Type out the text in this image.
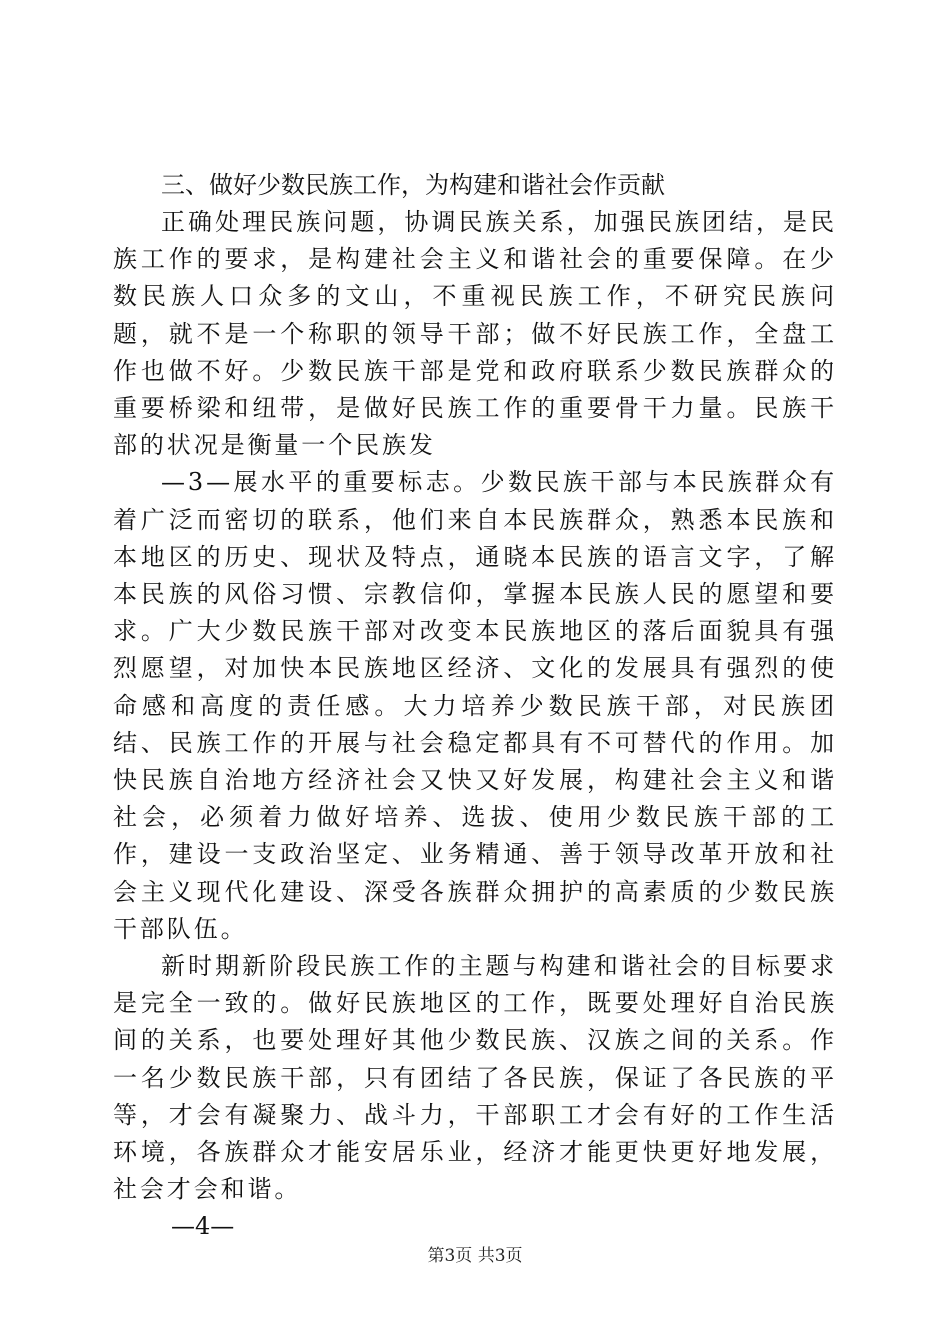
三、做好少数民族工作，为构建和谐社会作贡献

正确处理民族问题，协调民族关系，加强民族团结，是民族工作的要求，是构建社会主义和谐社会的重要保障。在少数民族人口众多的文山，不重视民族工作，不研究民族问题，就不是一个称职的领导干部；做不好民族工作，全盘工作也做不好。少数民族干部是党和政府联系少数民族群众的重要桥梁和纽带，是做好民族工作的重要骨干力量。民族干部的状况是衡量一个民族发

—3—展水平的重要标志。少数民族干部与本民族群众有着广泛而密切的联系，他们来自本民族群众，熟悉本民族和本地区的历史、现状及特点，通晓本民族的语言文字，了解本民族的风俗习惯、宗教信仰，掌握本民族人民的愿望和要求。广大少数民族干部对改变本民族地区的落后面貌具有强烈愿望，对加快本民族地区经济、文化的发展具有强烈的使命感和高度的责任感。大力培养少数民族干部，对民族团结、民族工作的开展与社会稳定都具有不可替代的作用。加快民族自治地方经济社会又快又好发展，构建社会主义和谐社会，必须着力做好培养、选拔、使用少数民族干部的工作，建设一支政治坚定、业务精通、善于领导改革开放和社会主义现代化建设、深受各族群众拥护的高素质的少数民族干部队伍。

新时期新阶段民族工作的主题与构建和谐社会的目标要求是完全一致的。做好民族地区的工作，既要处理好自治民族间的关系，也要处理好其他少数民族、汉族之间的关系。作一名少数民族干部，只有团结了各民族，保证了各民族的平等，才会有凝聚力、战斗力，干部职工才会有好的工作生活环境，各族群众才能安居乐业，经济才能更快更好地发展，社会才会和谐。

—4—

第3页 共3页
